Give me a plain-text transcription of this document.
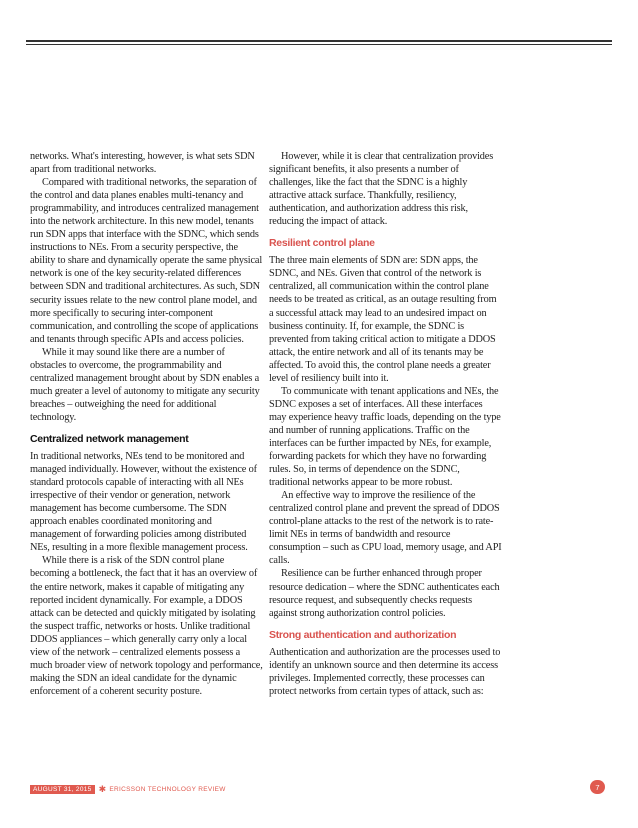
networks. What's interesting, however, is what sets SDN apart from traditional networks.

Compared with traditional networks, the separation of the control and data planes enables multi-tenancy and programmability, and introduces centralized management into the network architecture. In this new model, tenants run SDN apps that interface with the SDNC, which sends instructions to NEs. From a security perspective, the ability to share and dynamically operate the same physical network is one of the key security-related differences between SDN and traditional architectures. As such, SDN security issues relate to the new control plane model, and more specifically to securing inter-component communication, and controlling the scope of applications and tenants through specific APIs and access policies.

While it may sound like there are a number of obstacles to overcome, the programmability and centralized management brought about by SDN enables a much greater a level of autonomy to mitigate any security breaches – outweighing the need for additional technology.

Centralized network management

In traditional networks, NEs tend to be monitored and managed individually. However, without the existence of standard protocols capable of interacting with all NEs irrespective of their vendor or generation, network management has become cumbersome. The SDN approach enables coordinated monitoring and management of forwarding policies among distributed NEs, resulting in a more flexible management process.

While there is a risk of the SDN control plane becoming a bottleneck, the fact that it has an overview of the entire network, makes it capable of mitigating any reported incident dynamically. For example, a DDOS attack can be detected and quickly mitigated by isolating the suspect traffic, networks or hosts. Unlike traditional DDOS appliances – which generally carry only a local view of the network – centralized elements possess a much broader view of network topology and performance, making the SDN an ideal candidate for the dynamic enforcement of a coherent security posture.

However, while it is clear that centralization provides significant benefits, it also presents a number of challenges, like the fact that the SDNC is a highly attractive attack surface. Thankfully, resiliency, authentication, and authorization address this risk, reducing the impact of attack.

Resilient control plane

The three main elements of SDN are: SDN apps, the SDNC, and NEs. Given that control of the network is centralized, all communication within the control plane needs to be treated as critical, as an outage resulting from a successful attack may lead to an undesired impact on business continuity. If, for example, the SDNC is prevented from taking critical action to mitigate a DDOS attack, the entire network and all of its tenants may be affected. To avoid this, the control plane needs a greater level of resiliency built into it.

To communicate with tenant applications and NEs, the SDNC exposes a set of interfaces. All these interfaces may experience heavy traffic loads, depending on the type and number of running applications. Traffic on the interfaces can be further impacted by NEs, for example, forwarding packets for which they have no forwarding rules. So, in terms of dependence on the SDNC, traditional networks appear to be more robust.

An effective way to improve the resilience of the centralized control plane and prevent the spread of DDOS control-plane attacks to the rest of the network is to rate-limit NEs in terms of bandwidth and resource consumption – such as CPU load, memory usage, and API calls.

Resilience can be further enhanced through proper resource dedication – where the SDNC authenticates each resource request, and subsequently checks requests against strong authorization control policies.

Strong authentication and authorization

Authentication and authorization are the processes used to identify an unknown source and then determine its access privileges. Implemented correctly, these processes can protect networks from certain types of attack, such as:

AUGUST 31, 2015 ✱ ERICSSON TECHNOLOGY REVIEW	7
